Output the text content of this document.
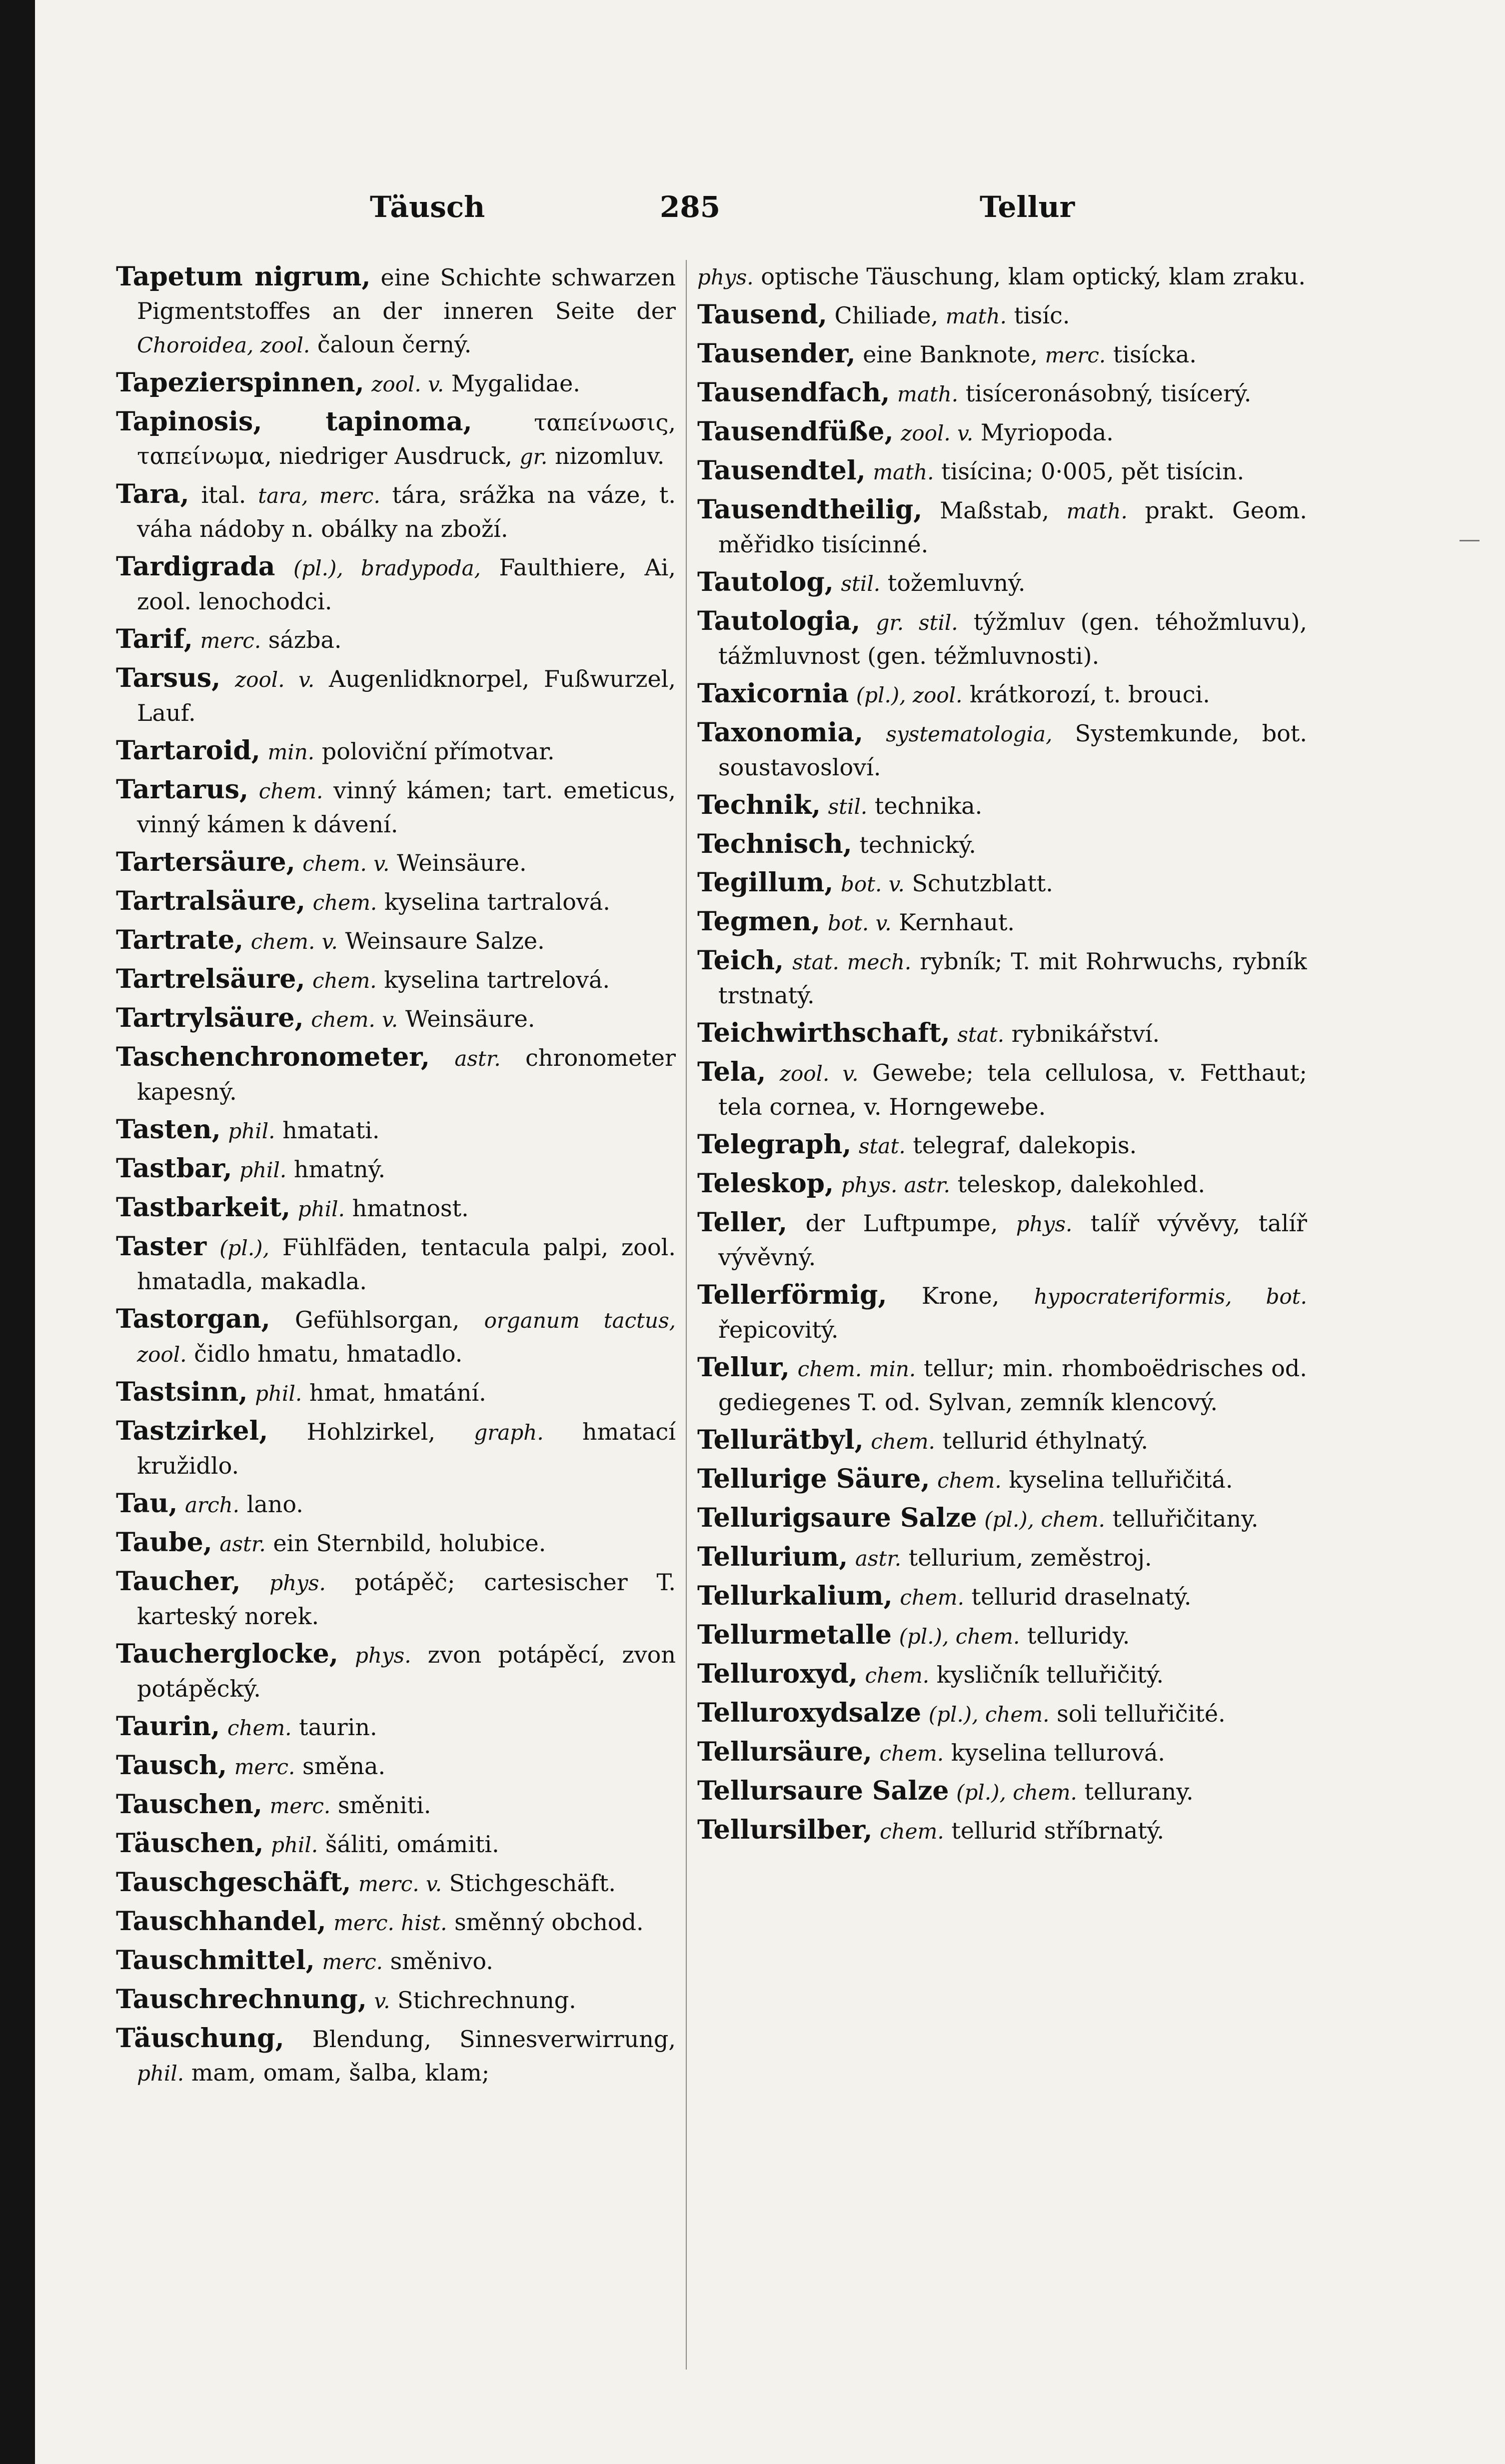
Täusch	285	Tellur
Tapetum nigrum, eine Schichte schwarzen Pigmentstoffes an der inneren Seite der Choroidea, zool. čaloun černý.
Tapezierspinnen, zool. v. Mygalidae.
Tapinosis, tapinoma,	ταπείνωσις, ταπείνωμα, niedriger Ausdruck, gr. nizomluv.
Tara, ital. tara, merc. tára, srážka na váze, t. váha nádoby n. obálky na zboží.
Tardigrada (pl.), bradypoda, Faulthiere, Ai, zool. lenochodci.
Tarif, merc. sázba.
Tarsus, zool. v. Augenlidknorpel, Fußwurzel, Lauf.
Tartaroid, min. poloviční přímotvar.
Tartarus, chem. vinný kámen; tart. emeticus, vinný kámen k dávení.
Tartersäure, chem. v. Weinsäure.
Tartralsäure, chem. kyselina tartralová.
Tartrate, chem. v. Weinsaure Salze.
Tartrelsäure, chem. kyselina tartrelová.
Tartrylsäure, chem. v. Weinsäure.
Taschenchronometer, astr. chronometer kapesný.
Tasten, phil. hmatati.
Tastbar, phil. hmatný.
Tastbarkeit, phil. hmatnost.
Taster (pl.), Fühlfäden, tentacula palpi, zool. hmatadla, makadla.
Tastorgan, Gefühlsorgan, organum tactus, zool. čidlo hmatu, hmatadlo.
Tastsinn, phil. hmat, hmatání.
Tastzirkel, Hohlzirkel, graph. hmatací kružidlo.
Tau, arch. lano.
Taube, astr. ein Sternbild, holubice.
Taucher, phys. potápěč; cartesischer T. karteský norek.
Taucherglocke, phys. zvon potápěcí, zvon potápěcký.
Taurin, chem. taurin.
Tausch, merc. směna.
Tauschen, merc. směniti.
Täuschen, phil. šáliti, omámiti.
Tauschgeschäft, merc. v. Stichgeschäft.
Tauschhandel, merc. hist. směnný obchod.
Tauschmittel, merc. směnivo.
Tauschrechnung, v. Stichrechnung.
Täuschung, Blendung, Sinnesverwirrung, phil. mam, omam, šalba, klam;
phys. optische Täuschung, klam optický, klam zraku.
Tausend, Chiliade, math. tisíc.
Tausender, eine Banknote, merc. tisícka.
Tausendfach, math. tisíceronásobný, tisícerý.
Tausendfüße, zool. v. Myriopoda.
Tausendtel, math. tisícina; 0·005, pět tisícin.
Tausendtheilig, Maßstab, math. prakt. Geom. měřidko tisícinné.
Tautolog, stil. tožemluvný.
Tautologia, gr. stil. týžmluv (gen. téhožmluvu), tážmluvnost (gen. téžmluvnosti).
Taxicornia (pl.), zool. krátkorozí, t. brouci.
Taxonomia, systematologia, Systemkunde, bot. soustavosloví.
Technik, stil. technika.
Technisch, technický.
Tegillum, bot. v. Schutzblatt.
Tegmen, bot. v. Kernhaut.
Teich, stat. mech. rybník; T. mit Rohrwuchs, rybník trstnatý.
Teichwirthschaft, stat. rybnikářství.
Tela, zool. v. Gewebe; tela cellulosa, v. Fetthaut; tela cornea, v. Horngewebe.
Telegraph, stat. telegraf, dalekopis.
Teleskop, phys. astr. teleskop, dalekohled.
Teller, der Luftpumpe, phys. talíř vývěvy, talíř vývěvný.
Tellerförmig, Krone, hypocrateriformis, bot. řepicovitý.
Tellur, chem. min. tellur; min. rhomboëdrisches od. gediegenes T. od. Sylvan, zemník klencový.
Tellurätbyl, chem. tellurid éthylnatý.
Tellurige Säure, chem. kyselina telluřičitá.
Tellurigsaure Salze (pl.), chem. telluřičitany.
Tellurium, astr. tellurium, zeměstroj.
Tellurkalium, chem. tellurid draselnatý.
Tellurmetalle (pl.), chem. telluridy.
Telluroxyd, chem. kysličník telluřičitý.
Telluroxydsalze (pl.), chem. soli telluřičité.
Tellursäure, chem. kyselina tellurová.
Tellursaure Salze (pl.), chem. tellurany.
Tellursilber, chem. tellurid stříbrnatý.
